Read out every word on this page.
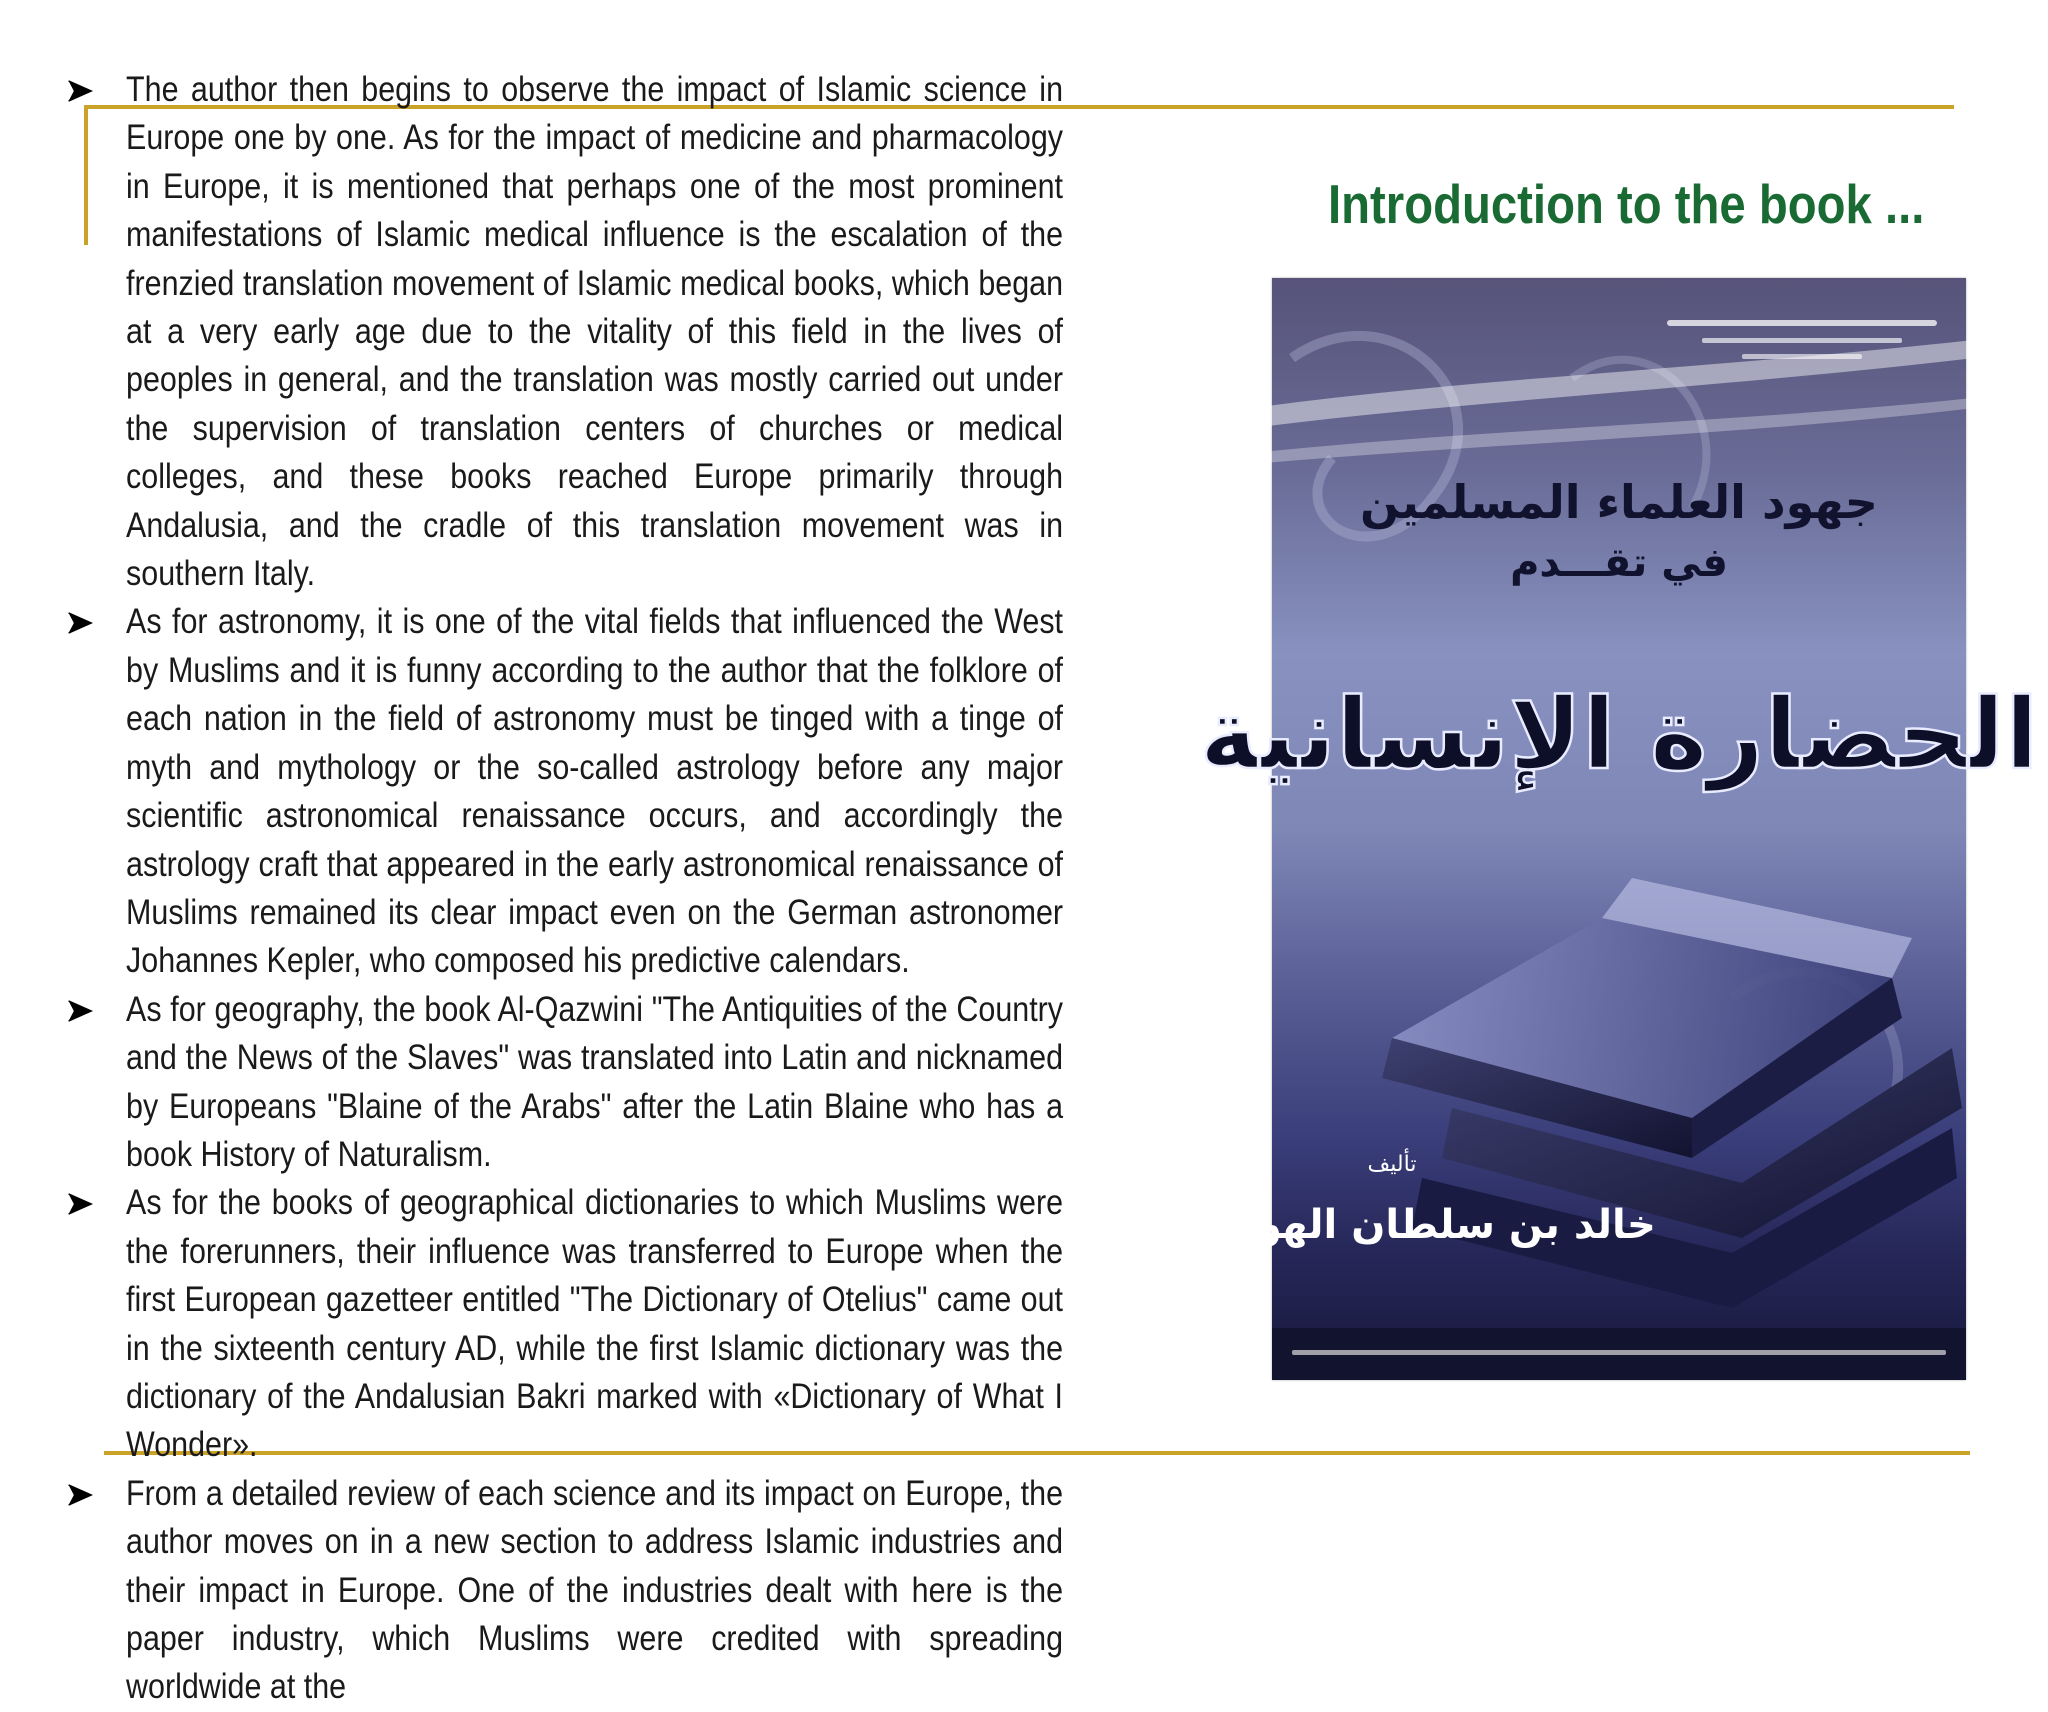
The author then begins to observe the impact of Islamic science in Europe one by one. As for the impact of medicine and pharmacology in Europe, it is mentioned that perhaps one of the most prominent manifestations of Islamic medical influence is the escalation of the frenzied translation movement of Islamic medical books, which began at a very early age due to the vitality of this field in the lives of peoples in general, and the translation was mostly carried out under the supervision of translation centers of churches or medical colleges, and these books reached Europe primarily through Andalusia, and the cradle of this translation movement was in southern Italy.
As for astronomy, it is one of the vital fields that influenced the West by Muslims and it is funny according to the author that the folklore of each nation in the field of astronomy must be tinged with a tinge of myth and mythology or the so-called astrology before any major scientific astronomical renaissance occurs, and accordingly the astrology craft that appeared in the early astronomical renaissance of Muslims remained its clear impact even on the German astronomer Johannes Kepler, who composed his predictive calendars.
As for geography, the book Al-Qazwini "The Antiquities of the Country and the News of the Slaves" was translated into Latin and nicknamed by Europeans "Blaine of the Arabs" after the Latin Blaine who has a book History of Naturalism.
As for the books of geographical dictionaries to which Muslims were the forerunners, their influence was transferred to Europe when the first European gazetteer entitled "The Dictionary of Otelius" came out in the sixteenth century AD, while the first Islamic dictionary was the dictionary of the Andalusian Bakri marked with «Dictionary of What I Wonder».
From a detailed review of each science and its impact on Europe, the author moves on in a new section to address Islamic industries and their impact in Europe. One of the industries dealt with here is the paper industry, which Muslims were credited with spreading worldwide at the
Introduction to the book ...
جهود العلماء المسلمين
في تقـــدم
الحضارة الإنسانية
تأليف
خالد بن سلطان الهويطر
